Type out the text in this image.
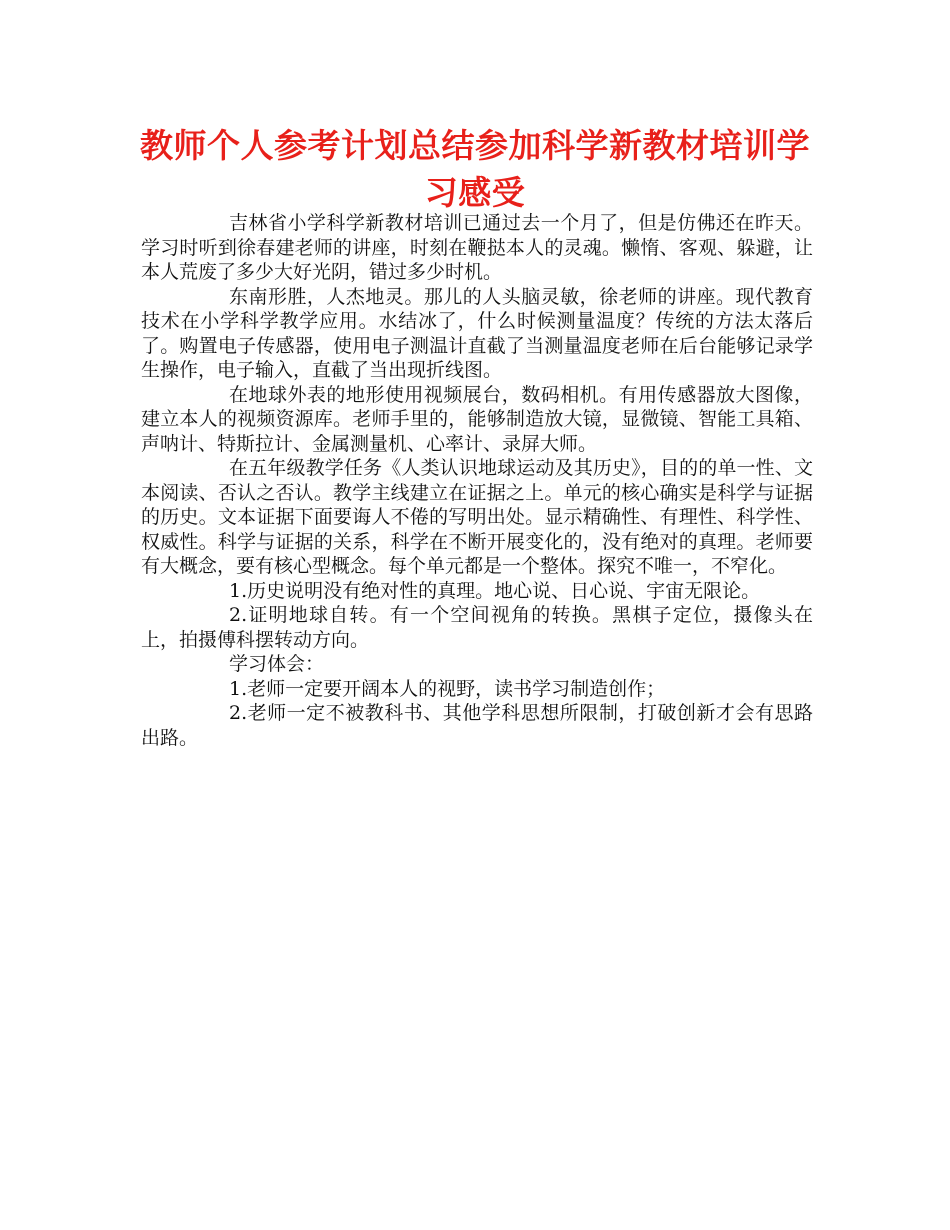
教师个人参考计划总结参加科学新教材培训学习感受

吉林省小学科学新教材培训已通过去一个月了，但是仿佛还在昨天。学习时听到徐春建老师的讲座，时刻在鞭挞本人的灵魂。懒惰、客观、躲避，让本人荒废了多少大好光阴，错过多少时机。

东南形胜，人杰地灵。那儿的人头脑灵敏，徐老师的讲座。现代教育技术在小学科学教学应用。水结冰了，什么时候测量温度？传统的方法太落后了。购置电子传感器，使用电子测温计直截了当测量温度老师在后台能够记录学生操作，电子输入，直截了当出现折线图。

在地球外表的地形使用视频展台，数码相机。有用传感器放大图像，建立本人的视频资源库。老师手里的，能够制造放大镜，显微镜、智能工具箱、声呐计、特斯拉计、金属测量机、心率计、录屏大师。

在五年级教学任务《人类认识地球运动及其历史》，目的的单一性、文本阅读、否认之否认。教学主线建立在证据之上。单元的核心确实是科学与证据的历史。文本证据下面要诲人不倦的写明出处。显示精确性、有理性、科学性、权威性。科学与证据的关系，科学在不断开展变化的，没有绝对的真理。老师要有大概念，要有核心型概念。每个单元都是一个整体。探究不唯一，不窄化。

1.历史说明没有绝对性的真理。地心说、日心说、宇宙无限论。

2.证明地球自转。有一个空间视角的转换。黑棋子定位，摄像头在上，拍摄傅科摆转动方向。

学习体会：

1.老师一定要开阔本人的视野，读书学习制造创作；

2.老师一定不被教科书、其他学科思想所限制，打破创新才会有思路出路。
